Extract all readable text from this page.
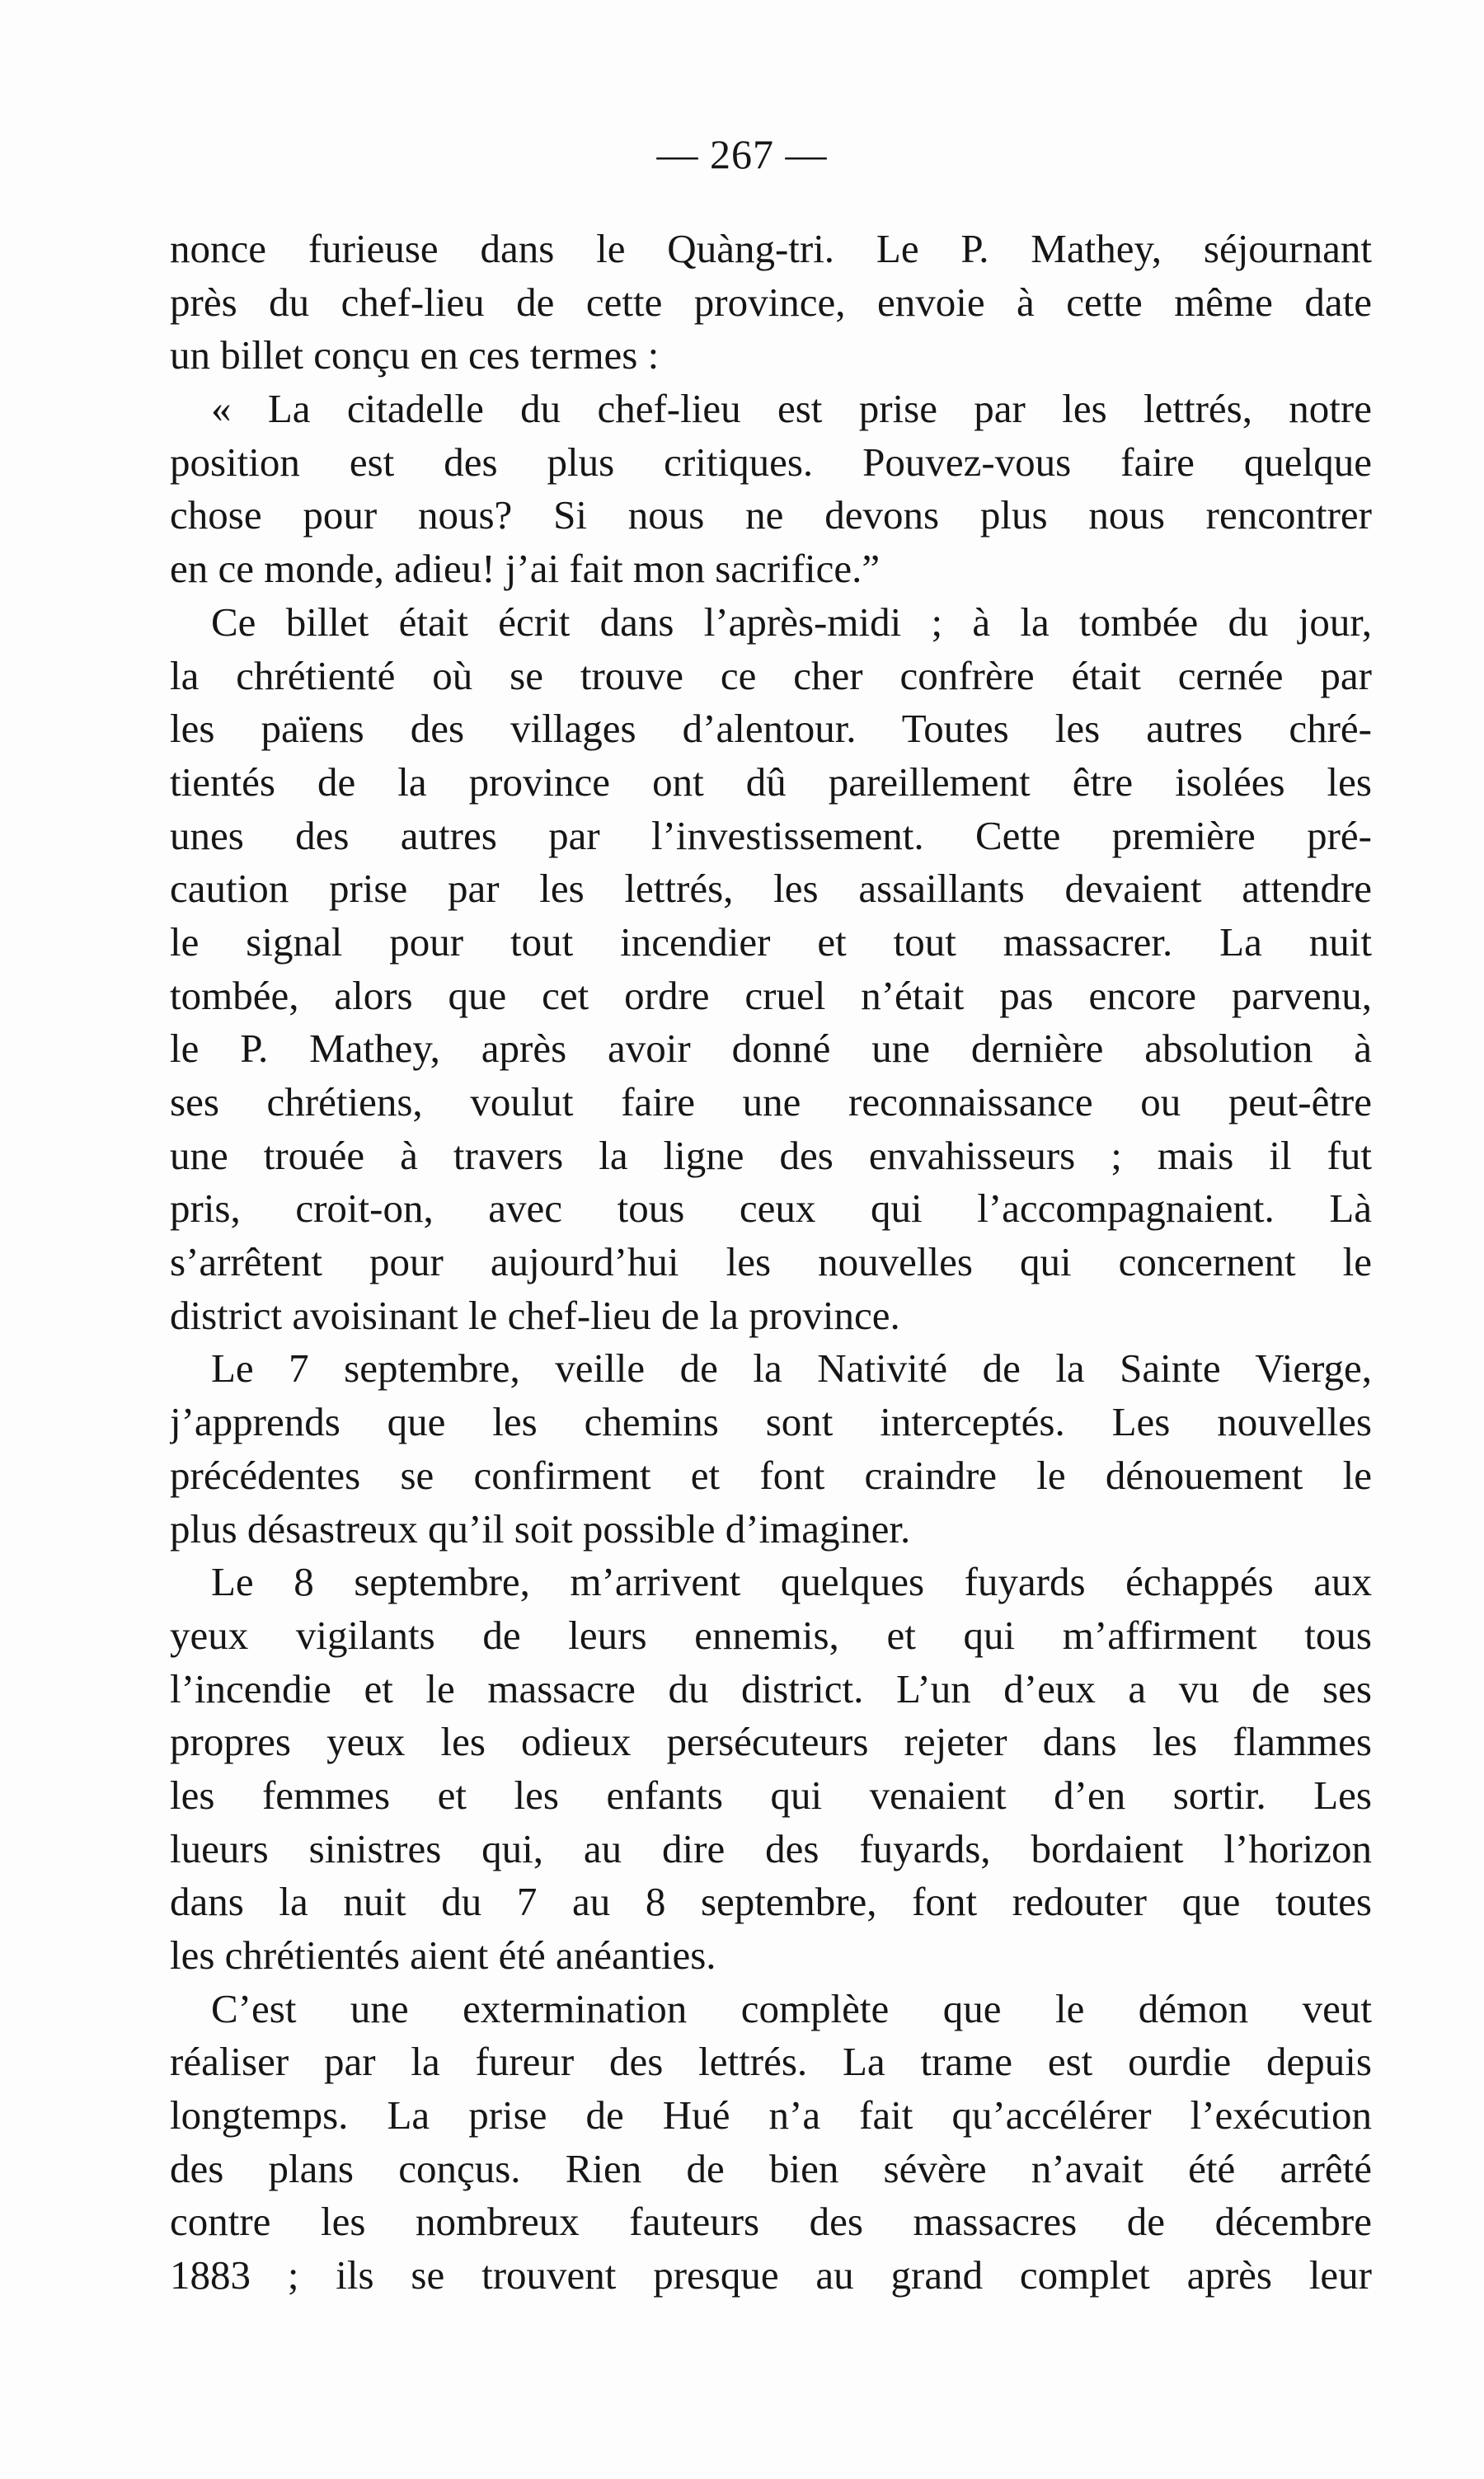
— 267 —
nonce furieuse dans le Quàng-tri. Le P. Mathey, séjournant
près du chef-lieu de cette province, envoie à cette même date
un billet conçu en ces termes :
« La citadelle du chef-lieu est prise par les lettrés, notre
position est des plus critiques. Pouvez-vous faire quelque
chose pour nous? Si nous ne devons plus nous rencontrer
en ce monde, adieu! j’ai fait mon sacrifice.”
Ce billet était écrit dans l’après-midi ; à la tombée du jour,
la chrétienté où se trouve ce cher confrère était cernée par
les païens des villages d’alentour. Toutes les autres chré-
tientés de la province ont dû pareillement être isolées les
unes des autres par l’investissement. Cette première pré-
caution prise par les lettrés, les assaillants devaient attendre
le signal pour tout incendier et tout massacrer. La nuit
tombée, alors que cet ordre cruel n’était pas encore parvenu,
le P. Mathey, après avoir donné une dernière absolution à
ses chrétiens, voulut faire une reconnaissance ou peut-être
une trouée à travers la ligne des envahisseurs ; mais il fut
pris, croit-on, avec tous ceux qui l’accompagnaient. Là
s’arrêtent pour aujourd’hui les nouvelles qui concernent le
district avoisinant le chef-lieu de la province.
Le 7 septembre, veille de la Nativité de la Sainte Vierge,
j’apprends que les chemins sont interceptés. Les nouvelles
précédentes se confirment et font craindre le dénouement le
plus désastreux qu’il soit possible d’imaginer.
Le 8 septembre, m’arrivent quelques fuyards échappés aux
yeux vigilants de leurs ennemis, et qui m’affirment tous
l’incendie et le massacre du district. L’un d’eux a vu de ses
propres yeux les odieux persécuteurs rejeter dans les flammes
les femmes et les enfants qui venaient d’en sortir. Les
lueurs sinistres qui, au dire des fuyards, bordaient l’horizon
dans la nuit du 7 au 8 septembre, font redouter que toutes
les chrétientés aient été anéanties.
C’est une extermination complète que le démon veut
réaliser par la fureur des lettrés. La trame est ourdie depuis
longtemps. La prise de Hué n’a fait qu’accélérer l’exécution
des plans conçus. Rien de bien sévère n’avait été arrêté
contre les nombreux fauteurs des massacres de décembre
1883 ; ils se trouvent presque au grand complet après leur
